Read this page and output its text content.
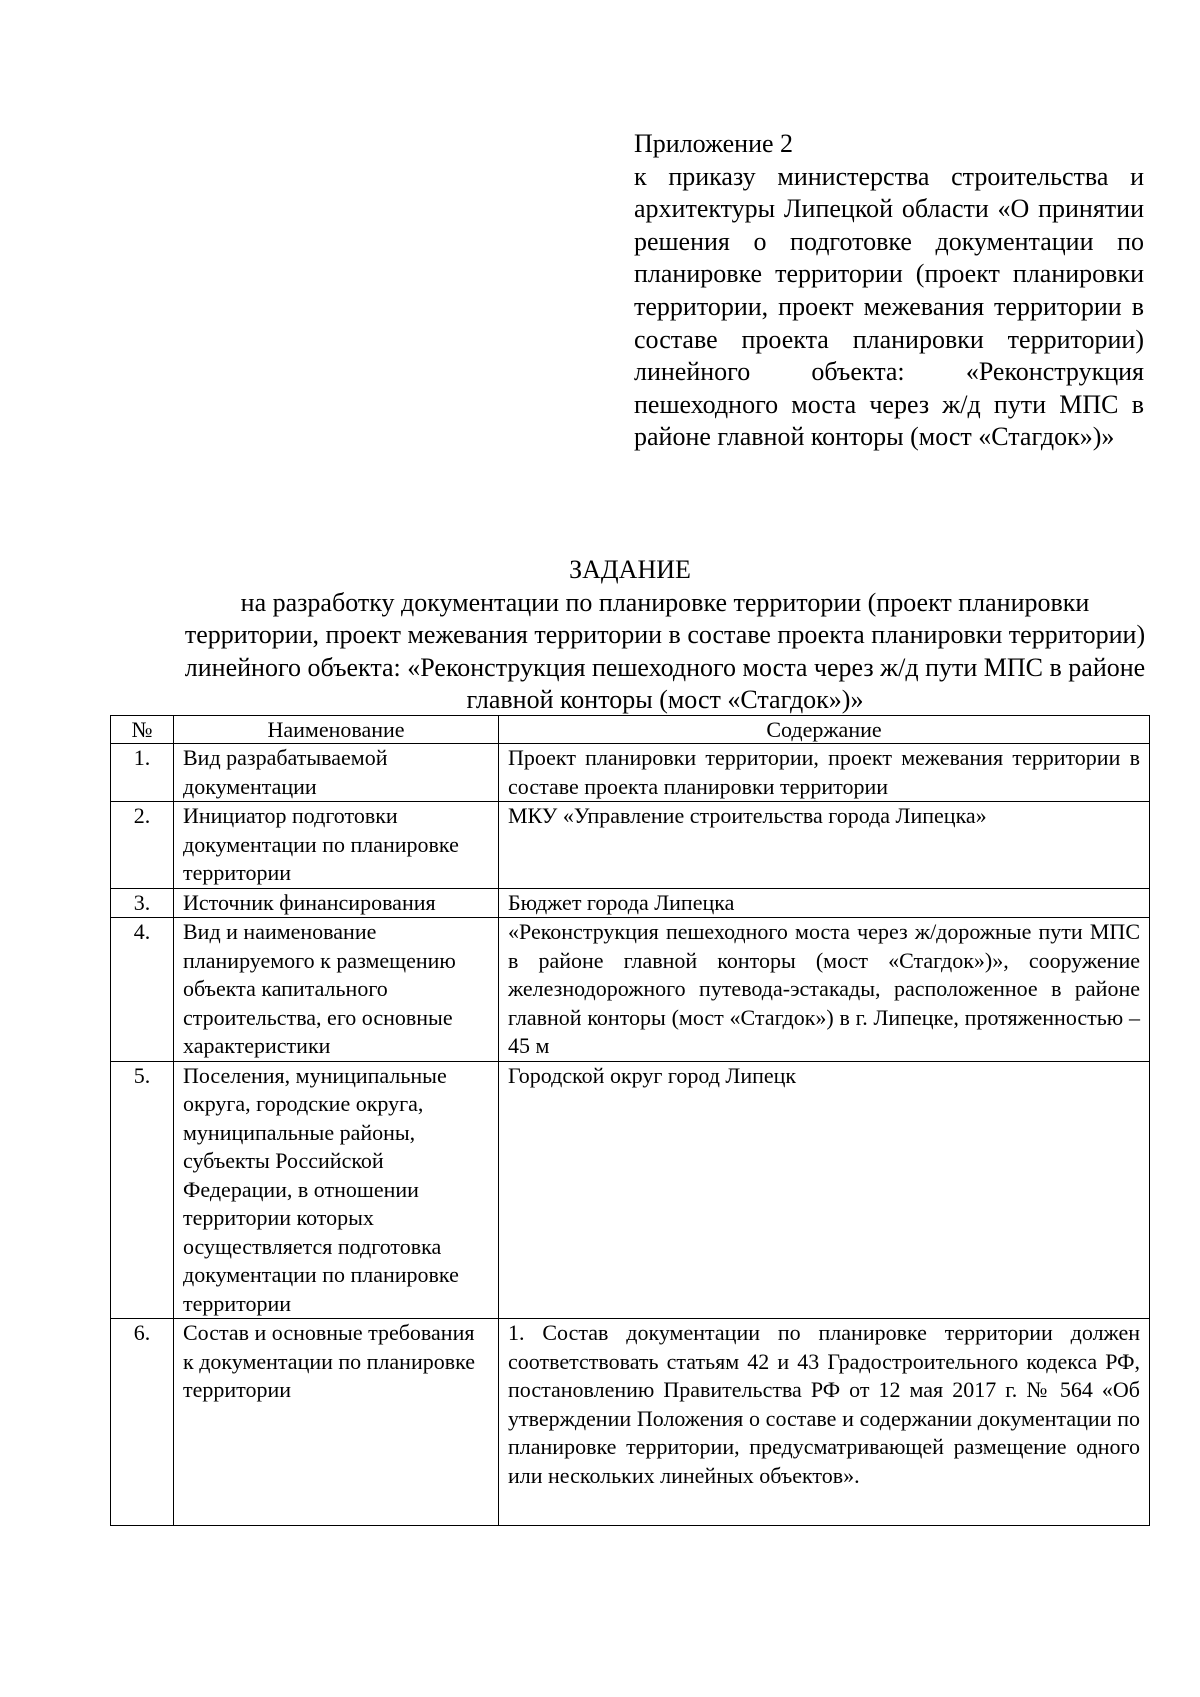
Приложение 2
к приказу министерства строительства и архитектуры Липецкой области «О принятии решения о подготовке документации по планировке территории (проект планировки территории, проект межевания территории в составе проекта планировки территории) линейного объекта: «Реконструкция пешеходного моста через ж/д пути МПС в районе главной конторы (мост «Стагдок»)»
ЗАДАНИЕ
на разработку документации по планировке территории (проект планировки территории, проект межевания территории в составе проекта планировки территории) линейного объекта: «Реконструкция пешеходного моста через ж/д пути МПС в районе главной конторы (мост «Стагдок»)»
№	Наименование	Содержание
1.	Вид разрабатываемой документации	Проект планировки территории, проект межевания территории в составе проекта планировки территории
2.	Инициатор подготовки документации по планировке территории	МКУ «Управление строительства города Липецка»
3.	Источник финансирования	Бюджет города Липецка
4.	Вид и наименование планируемого к размещению объекта капитального строительства, его основные характеристики	«Реконструкция пешеходного моста через ж/дорожные пути МПС в районе главной конторы (мост «Стагдок»)», сооружение железнодорожного путевода-эстакады, расположенное в районе главной конторы (мост «Стагдок») в г. Липецке, протяженностью – 45 м
5.	Поселения, муниципальные округа, городские округа, муниципальные районы, субъекты Российской Федерации, в отношении территории которых осуществляется подготовка документации по планировке территории	Городской округ город Липецк
6.	Состав и основные требования к документации по планировке территории	1. Состав документации по планировке территории должен соответствовать статьям 42 и 43 Градостроительного кодекса РФ, постановлению Правительства РФ от 12 мая 2017 г. № 564 «Об утверждении Положения о составе и содержании документации по планировке территории, предусматривающей размещение одного или нескольких линейных объектов».
